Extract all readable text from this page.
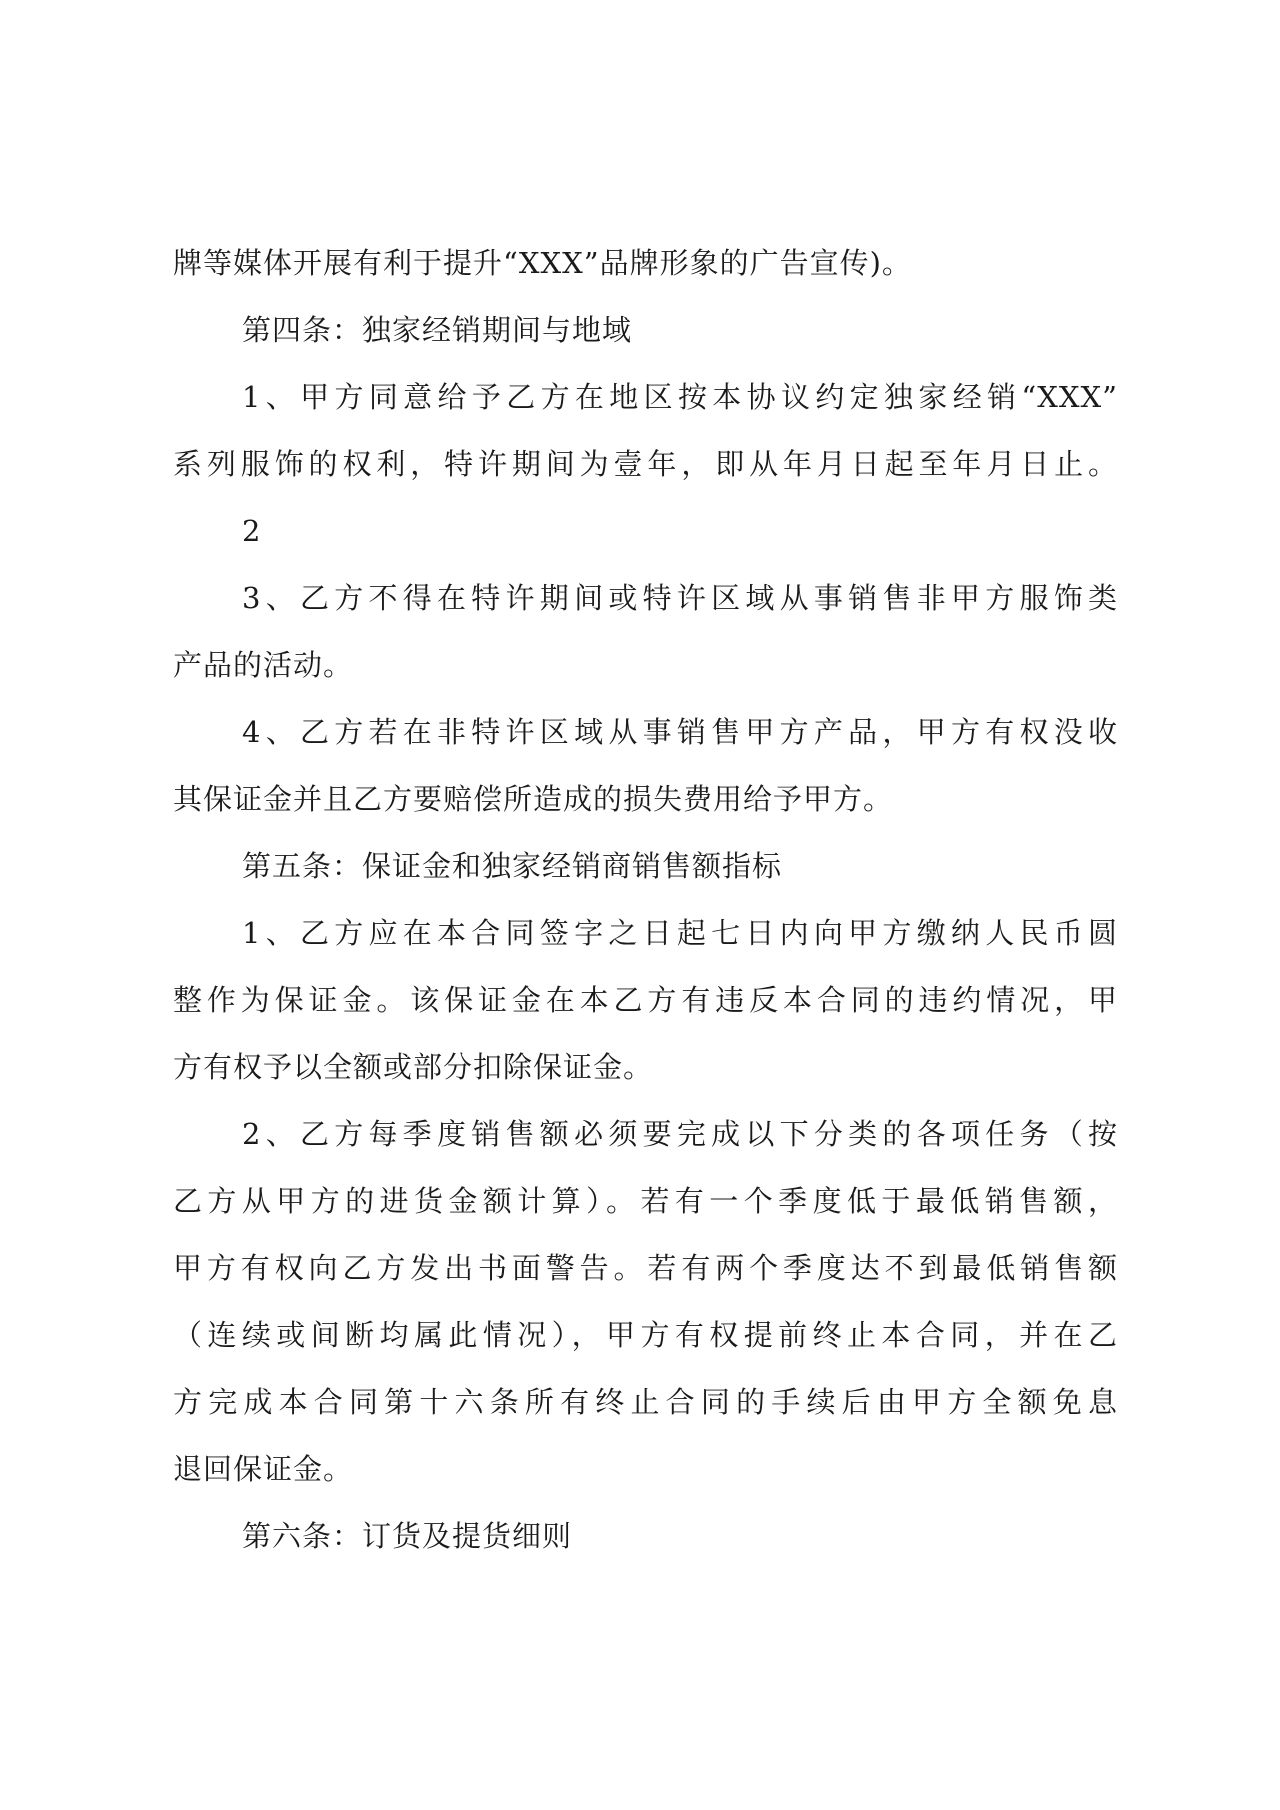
牌等媒体开展有利于提升“XXX”品牌形象的广告宣传)。
第四条：独家经销期间与地域
1、甲方同意给予乙方在地区按本协议约定独家经销“XXX”
系列服饰的权利，特许期间为壹年，即从年月日起至年月日止。
2
3、乙方不得在特许期间或特许区域从事销售非甲方服饰类
产品的活动。
4、乙方若在非特许区域从事销售甲方产品，甲方有权没收
其保证金并且乙方要赔偿所造成的损失费用给予甲方。
第五条：保证金和独家经销商销售额指标
1、乙方应在本合同签字之日起七日内向甲方缴纳人民币圆
整作为保证金。该保证金在本乙方有违反本合同的违约情况，甲
方有权予以全额或部分扣除保证金。
2、乙方每季度销售额必须要完成以下分类的各项任务（按
乙方从甲方的进货金额计算）。若有一个季度低于最低销售额，
甲方有权向乙方发出书面警告。若有两个季度达不到最低销售额
（连续或间断均属此情况），甲方有权提前终止本合同，并在乙
方完成本合同第十六条所有终止合同的手续后由甲方全额免息
退回保证金。
第六条：订货及提货细则
